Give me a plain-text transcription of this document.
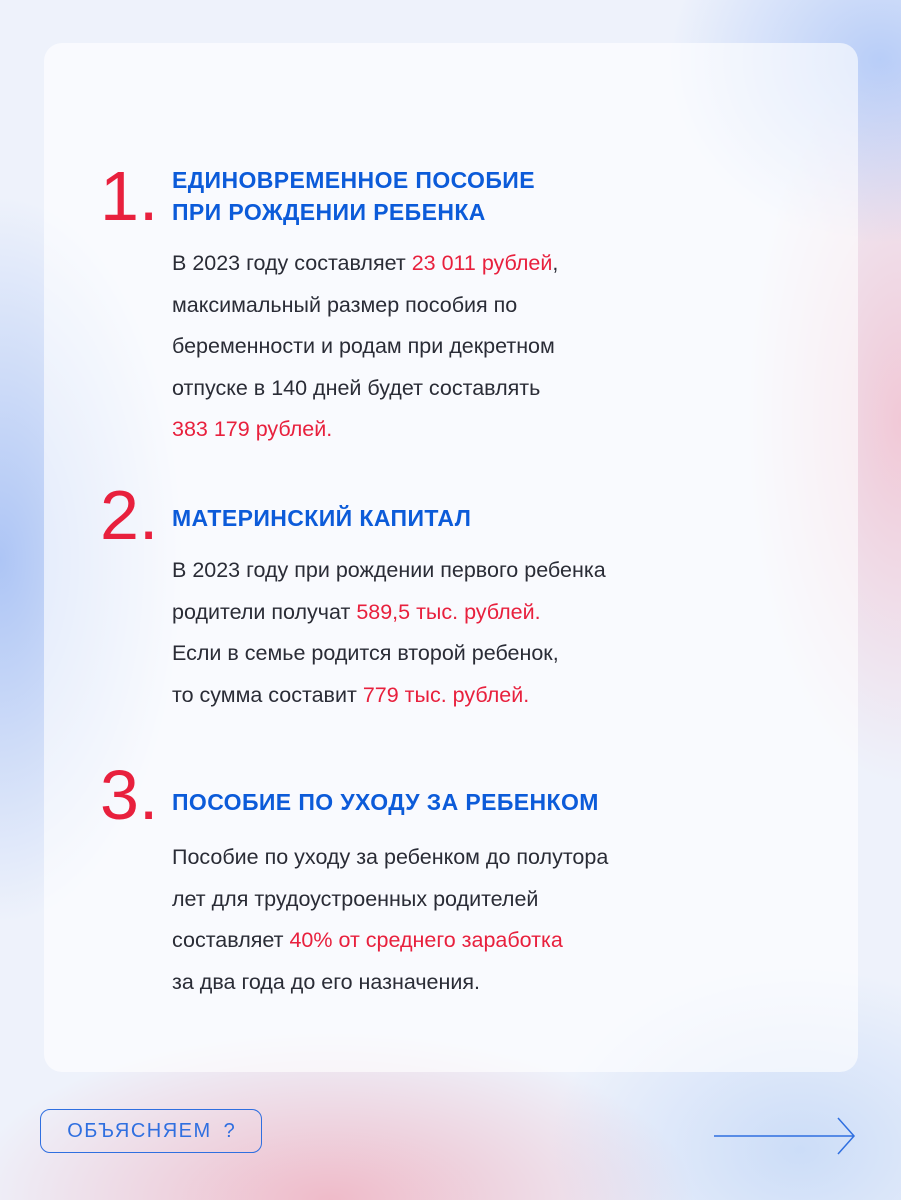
1. ЕДИНОВРЕМЕННОЕ ПОСОБИЕ
ПРИ РОЖДЕНИИ РЕБЕНКА
В 2023 году составляет 23 011 рублей,
максимальный размер пособия по
беременности и родам при декретном
отпуске в 140 дней будет составлять
383 179 рублей.
2. МАТЕРИНСКИЙ КАПИТАЛ
В 2023 году при рождении первого ребенка
родители получат 589,5 тыс. рублей.
Если в семье родится второй ребенок,
то сумма составит 779 тыс. рублей.
3. ПОСОБИЕ ПО УХОДУ ЗА РЕБЕНКОМ
Пособие по уходу за ребенком до полутора
лет для трудоустроенных родителей
составляет 40% от среднего заработка
за два года до его назначения.
ОБЪЯСНЯЕМ ?
